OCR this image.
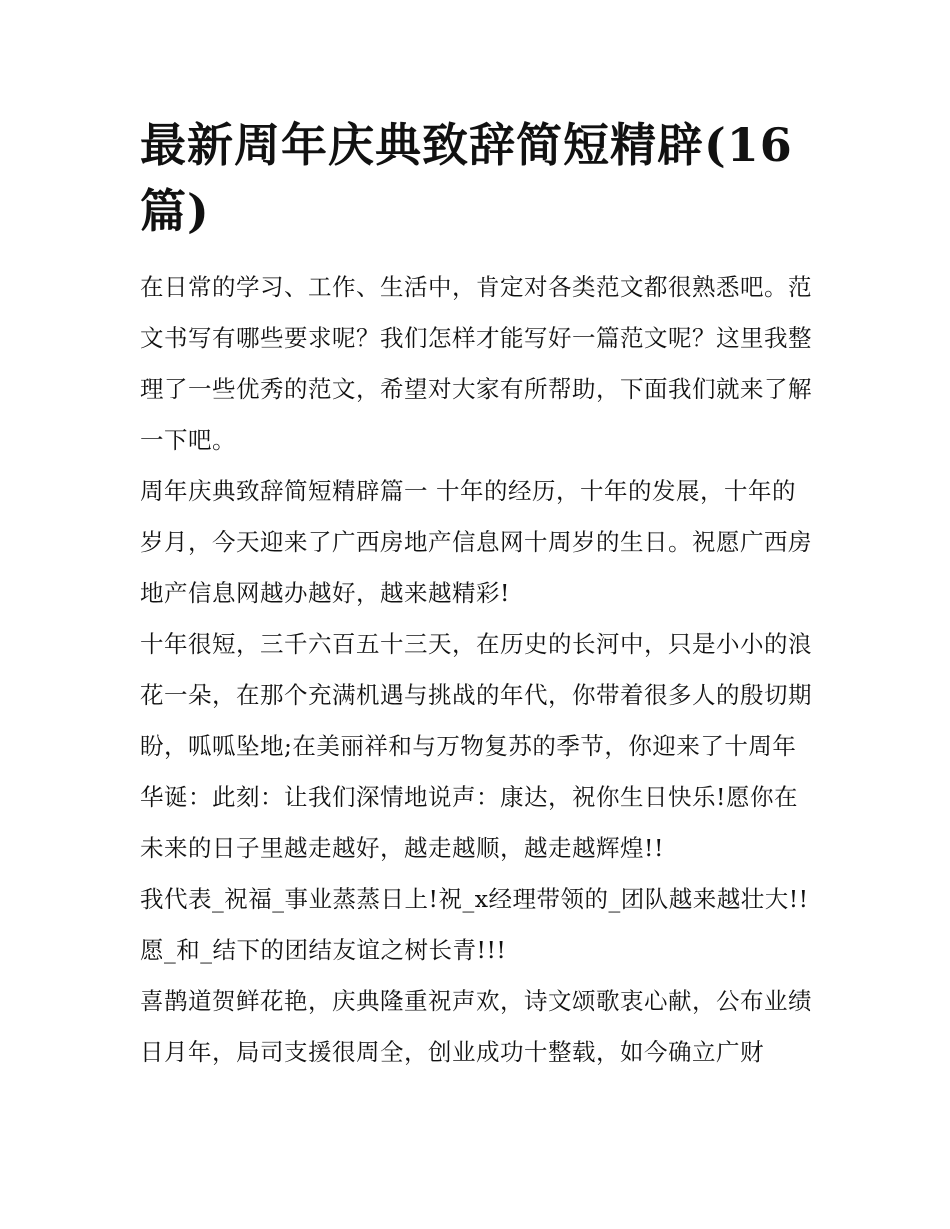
最新周年庆典致辞简短精辟(16篇)

在日常的学习、工作、生活中，肯定对各类范文都很熟悉吧。范文书写有哪些要求呢？我们怎样才能写好一篇范文呢？这里我整理了一些优秀的范文，希望对大家有所帮助，下面我们就来了解一下吧。

周年庆典致辞简短精辟篇一 十年的经历，十年的发展，十年的岁月，今天迎来了广西房地产信息网十周岁的生日。祝愿广西房地产信息网越办越好，越来越精彩!

十年很短，三千六百五十三天，在历史的长河中，只是小小的浪花一朵，在那个充满机遇与挑战的年代，你带着很多人的殷切期盼，呱呱坠地;在美丽祥和与万物复苏的季节，你迎来了十周年华诞：此刻：让我们深情地说声：康达，祝你生日快乐!愿你在未来的日子里越走越好，越走越顺，越走越辉煌!!

我代表_祝福_事业蒸蒸日上!祝_x经理带领的_团队越来越壮大!!愿_和_结下的团结友谊之树长青!!!

喜鹊道贺鲜花艳，庆典隆重祝声欢，诗文颂歌衷心献，公布业绩日月年，局司支援很周全，创业成功十整载，如今确立广财
